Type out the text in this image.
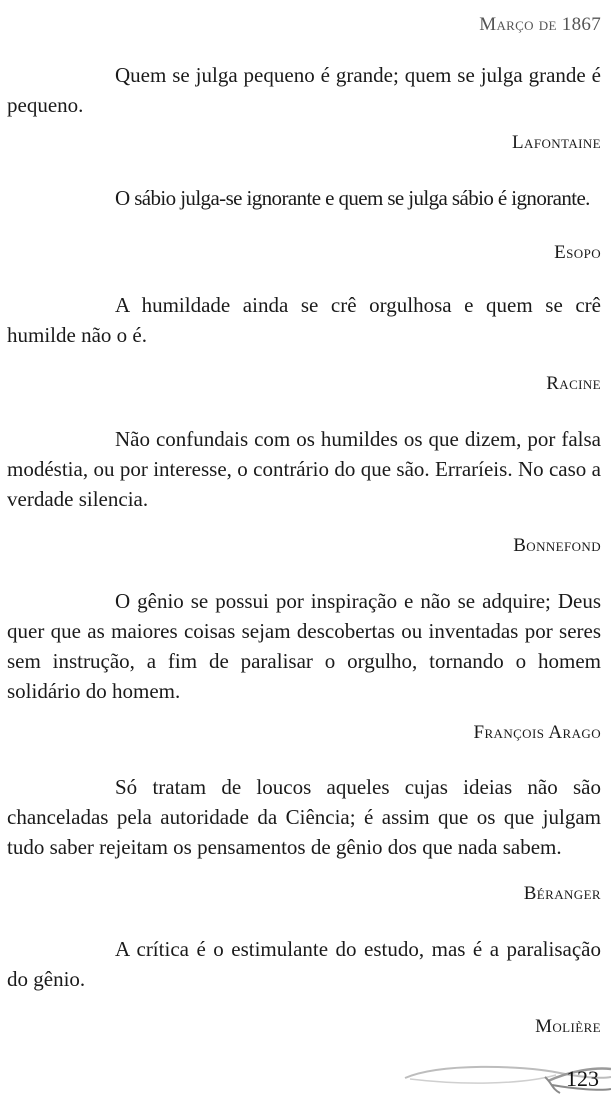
Março de 1867

Quem se julga pequeno é grande; quem se julga grande é pequeno.

Lafontaine

O sábio julga-se ignorante e quem se julga sábio é ignorante.

Esopo

A humildade ainda se crê orgulhosa e quem se crê humilde não o é.

Racine

Não confundais com os humildes os que dizem, por falsa modéstia, ou por interesse, o contrário do que são. Erraríeis. No caso a verdade silencia.

Bonnefond

O gênio se possui por inspiração e não se adquire; Deus quer que as maiores coisas sejam descobertas ou inventadas por seres sem instrução, a fim de paralisar o orgulho, tornando o homem solidário do homem.

François Arago

Só tratam de loucos aqueles cujas ideias não são chanceladas pela autoridade da Ciência; é assim que os que julgam tudo saber rejeitam os pensamentos de gênio dos que nada sabem.

Béranger

A crítica é o estimulante do estudo, mas é a paralisação do gênio.

Molière
123
